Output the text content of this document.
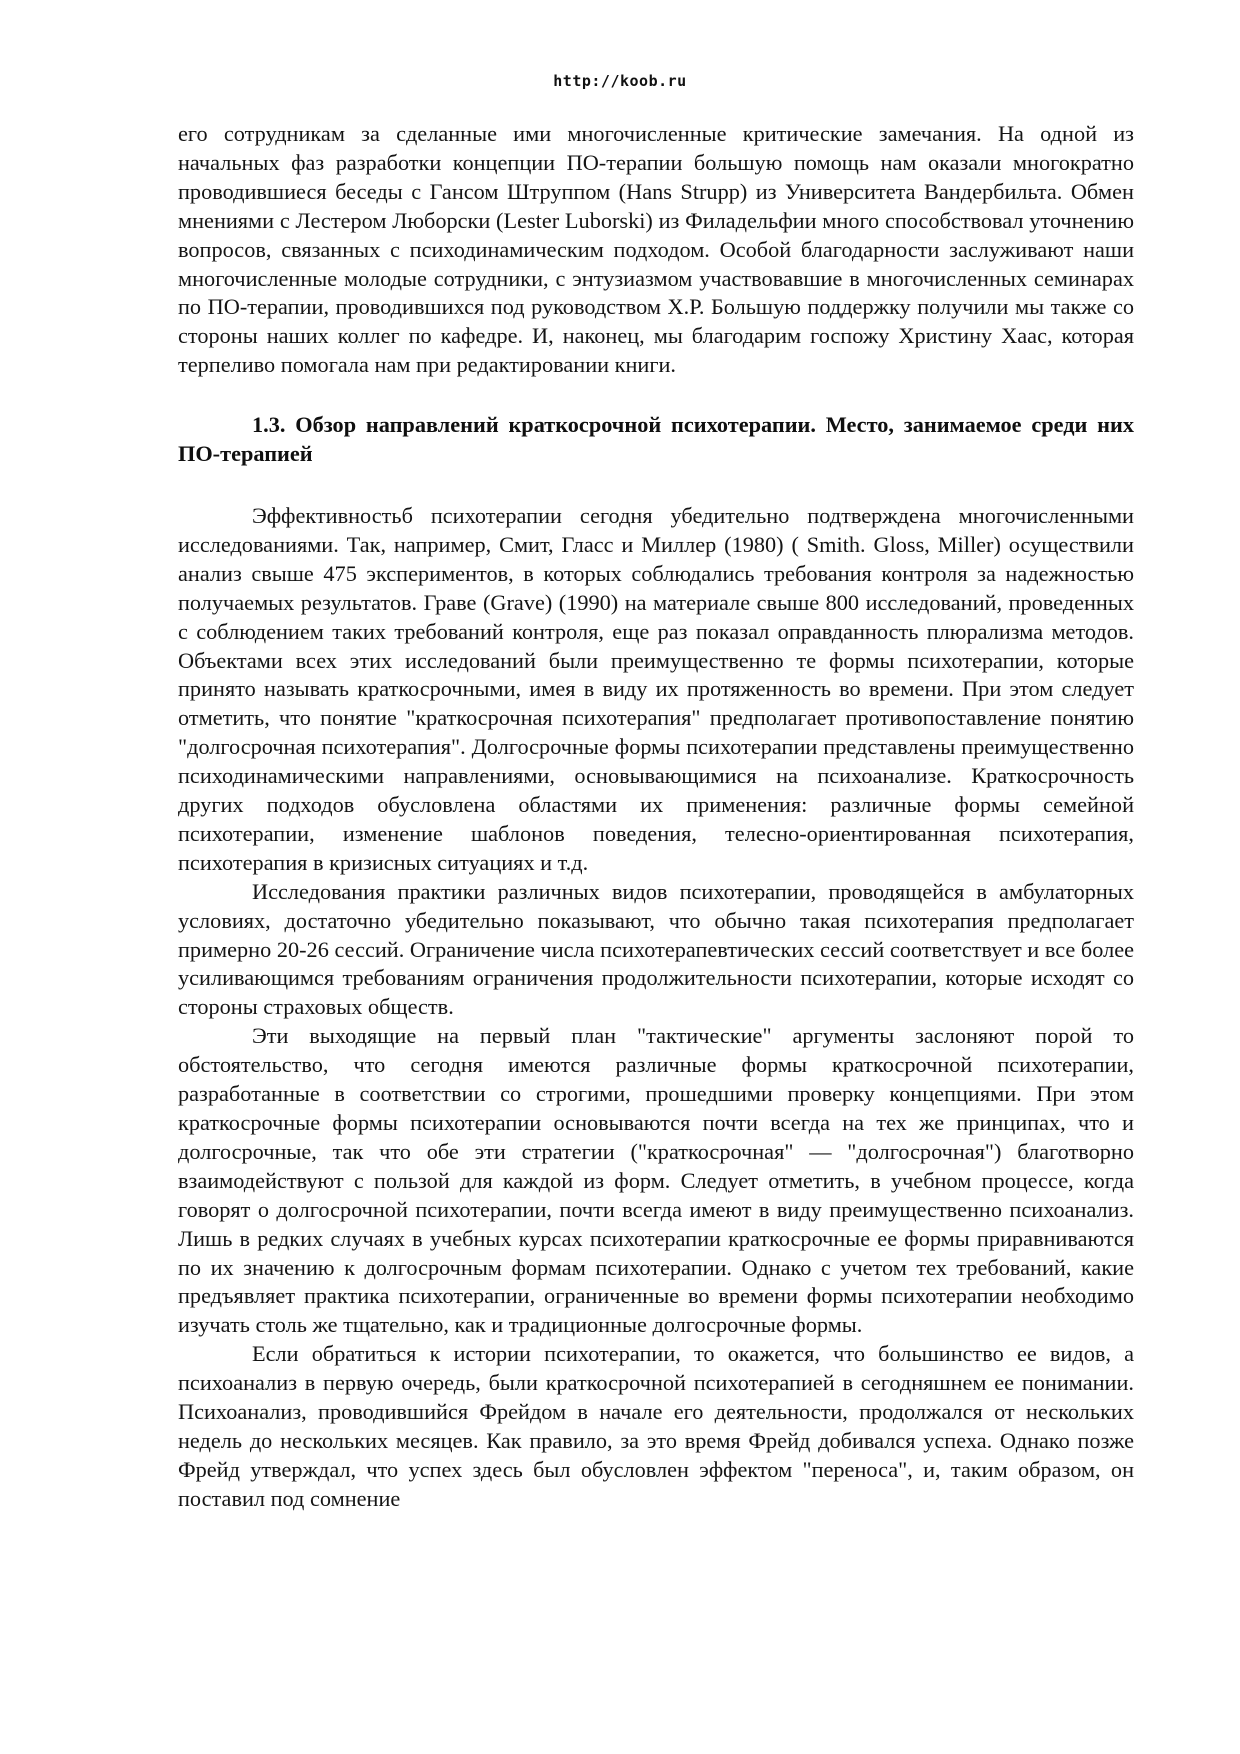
http://koob.ru

его сотрудникам за сделанные ими многочисленные критические замечания. На одной из начальных фаз разработки концепции ПО-терапии большую помощь нам оказали многократно проводившиеся беседы с Гансом Штруппом (Hans Strupp) из Университета Вандербильта. Обмен мнениями с Лестером Люборски (Lester Luborski) из Филадельфии много способствовал уточнению вопросов, связанных с психодинамическим подходом. Особой благодарности заслуживают наши многочисленные молодые сотрудники, с энтузиазмом участвовавшие в многочисленных семинарах по ПО-терапии, проводившихся под руководством Х.Р. Большую поддержку получили мы также со стороны наших коллег по кафедре. И, наконец, мы благодарим госпожу Христину Хаас, которая терпеливо помогала нам при редактировании книги.

1.3. Обзор направлений краткосрочной психотерапии. Место, занимаемое среди них ПО-терапией

Эффективностьб психотерапии сегодня убедительно подтверждена многочисленными исследованиями. Так, например, Смит, Гласс и Миллер (1980) ( Smith. Gloss, Miller) осуществили анализ свыше 475 экспериментов, в которых соблюдались требования контроля за надежностью получаемых результатов. Граве (Grave) (1990) на материале свыше 800 исследований, проведенных с соблюдением таких требований контроля, еще раз показал оправданность плюрализма методов. Объектами всех этих исследований были преимущественно те формы психотерапии, которые принято называть краткосрочными, имея в виду их протяженность во времени. При этом следует отметить, что понятие "краткосрочная психотерапия" предполагает противопоставление понятию "долгосрочная психотерапия". Долгосрочные формы психотерапии представлены преимущественно психодинамическими направлениями, основывающимися на психоанализе. Краткосрочность других подходов обусловлена областями их применения: различные формы семейной психотерапии, изменение шаблонов поведения, телесно-ориентированная психотерапия, психотерапия в кризисных ситуациях и т.д.

Исследования практики различных видов психотерапии, проводящейся в амбулаторных условиях, достаточно убедительно показывают, что обычно такая психотерапия предполагает примерно 20-26 сессий. Ограничение числа психотерапевтических сессий соответствует и все более усиливающимся требованиям ограничения продолжительности психотерапии, которые исходят со стороны страховых обществ.

Эти выходящие на первый план "тактические" аргументы заслоняют порой то обстоятельство, что сегодня имеются различные формы краткосрочной психотерапии, разработанные в соответствии со строгими, прошедшими проверку концепциями. При этом краткосрочные формы психотерапии основываются почти всегда на тех же принципах, что и долгосрочные, так что обе эти стратегии ("краткосрочная" — "долгосрочная") благотворно взаимодействуют с пользой для каждой из форм. Следует отметить, в учебном процессе, когда говорят о долгосрочной психотерапии, почти всегда имеют в виду преимущественно психоанализ. Лишь в редких случаях в учебных курсах психотерапии краткосрочные ее формы приравниваются по их значению к долгосрочным формам психотерапии. Однако с учетом тех требований, какие предъявляет практика психотерапии, ограниченные во времени формы психотерапии необходимо изучать столь же тщательно, как и традиционные долгосрочные формы.

Если обратиться к истории психотерапии, то окажется, что большинство ее видов, а психоанализ в первую очередь, были краткосрочной психотерапией в сегодняшнем ее понимании. Психоанализ, проводившийся Фрейдом в начале его деятельности, продолжался от нескольких недель до нескольких месяцев. Как правило, за это время Фрейд добивался успеха. Однако позже Фрейд утверждал, что успех здесь был обусловлен эффектом "переноса", и, таким образом, он поставил под сомнение
